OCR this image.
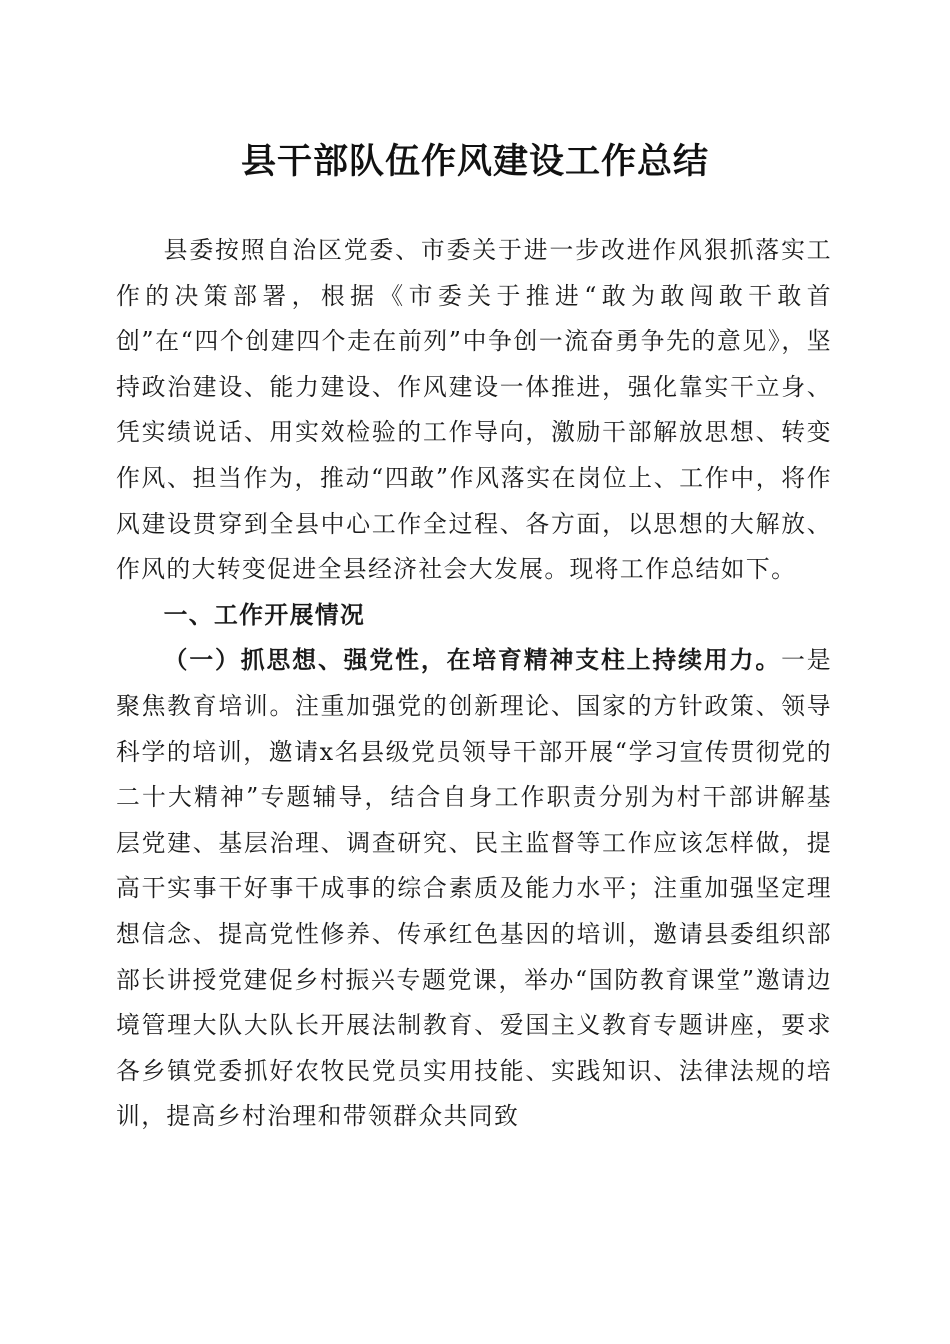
县干部队伍作风建设工作总结

县委按照自治区党委、市委关于进一步改进作风狠抓落实工作的决策部署，根据《市委关于推进“敢为敢闯敢干敢首创”在“四个创建四个走在前列”中争创一流奋勇争先的意见》，坚持政治建设、能力建设、作风建设一体推进，强化靠实干立身、凭实绩说话、用实效检验的工作导向，激励干部解放思想、转变作风、担当作为，推动“四敢”作风落实在岗位上、工作中，将作风建设贯穿到全县中心工作全过程、各方面，以思想的大解放、作风的大转变促进全县经济社会大发展。现将工作总结如下。

一、工作开展情况

（一）抓思想、强党性，在培育精神支柱上持续用力。一是聚焦教育培训。注重加强党的创新理论、国家的方针政策、领导科学的培训，邀请x名县级党员领导干部开展“学习宣传贯彻党的二十大精神”专题辅导，结合自身工作职责分别为村干部讲解基层党建、基层治理、调查研究、民主监督等工作应该怎样做，提高干实事干好事干成事的综合素质及能力水平；注重加强坚定理想信念、提高党性修养、传承红色基因的培训，邀请县委组织部部长讲授党建促乡村振兴专题党课，举办“国防教育课堂”邀请边境管理大队大队长开展法制教育、爱国主义教育专题讲座，要求各乡镇党委抓好农牧民党员实用技能、实践知识、法律法规的培训，提高乡村治理和带领群众共同致
